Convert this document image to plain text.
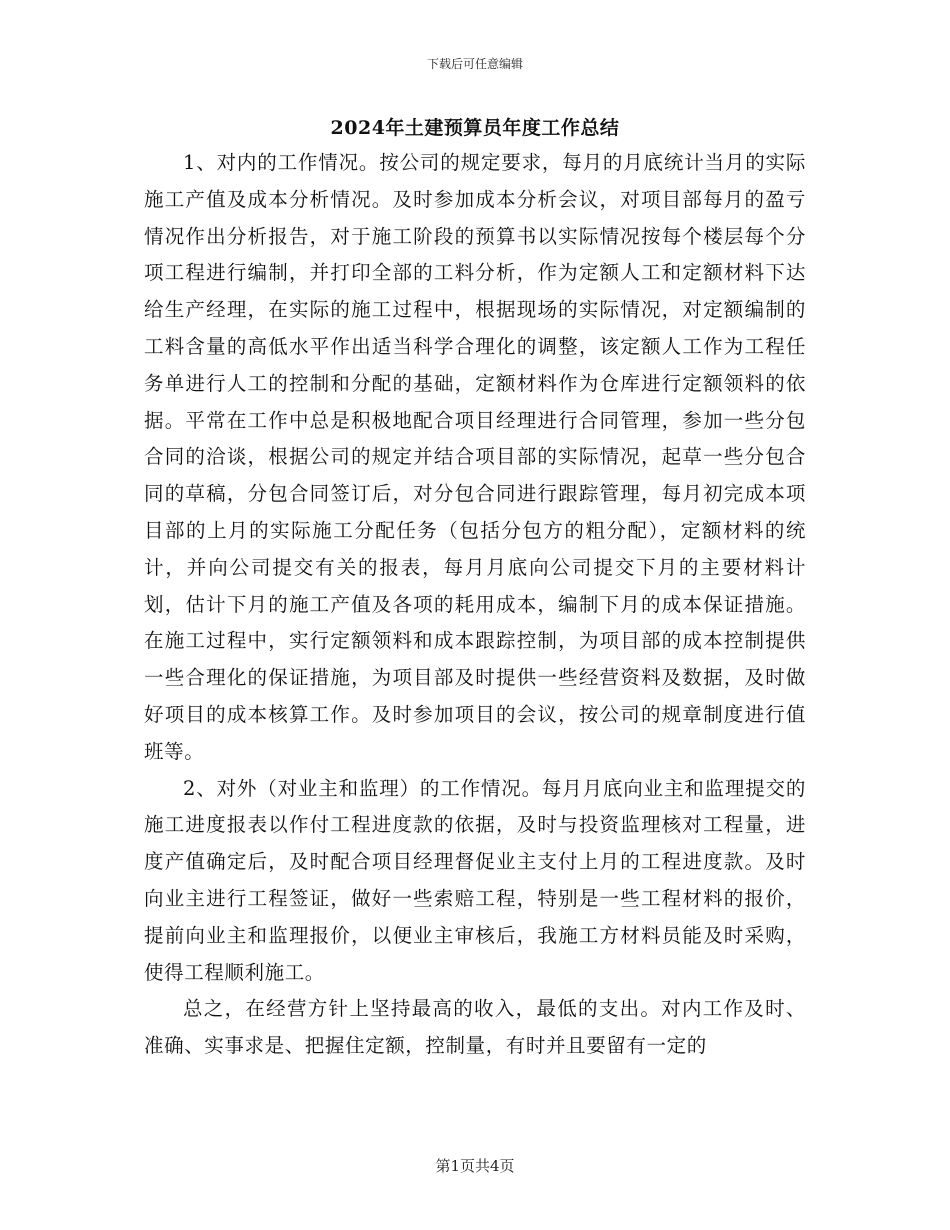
下载后可任意编辑
2024年土建预算员年度工作总结

1、对内的工作情况。按公司的规定要求，每月的月底统计当月的实际施工产值及成本分析情况。及时参加成本分析会议，对项目部每月的盈亏情况作出分析报告，对于施工阶段的预算书以实际情况按每个楼层每个分项工程进行编制，并打印全部的工料分析，作为定额人工和定额材料下达给生产经理，在实际的施工过程中，根据现场的实际情况，对定额编制的工料含量的高低水平作出适当科学合理化的调整，该定额人工作为工程任务单进行人工的控制和分配的基础，定额材料作为仓库进行定额领料的依据。平常在工作中总是积极地配合项目经理进行合同管理，参加一些分包合同的洽谈，根据公司的规定并结合项目部的实际情况，起草一些分包合同的草稿，分包合同签订后，对分包合同进行跟踪管理，每月初完成本项目部的上月的实际施工分配任务（包括分包方的粗分配），定额材料的统计，并向公司提交有关的报表，每月月底向公司提交下月的主要材料计划，估计下月的施工产值及各项的耗用成本，编制下月的成本保证措施。在施工过程中，实行定额领料和成本跟踪控制，为项目部的成本控制提供一些合理化的保证措施，为项目部及时提供一些经营资料及数据，及时做好项目的成本核算工作。及时参加项目的会议，按公司的规章制度进行值班等。

2、对外（对业主和监理）的工作情况。每月月底向业主和监理提交的施工进度报表以作付工程进度款的依据，及时与投资监理核对工程量，进度产值确定后，及时配合项目经理督促业主支付上月的工程进度款。及时向业主进行工程签证，做好一些索赔工程，特别是一些工程材料的报价，提前向业主和监理报价，以便业主审核后，我施工方材料员能及时采购，使得工程顺利施工。

总之，在经营方针上坚持最高的收入，最低的支出。对内工作及时、准确、实事求是、把握住定额，控制量，有时并且要留有一定的

第1页共4页
